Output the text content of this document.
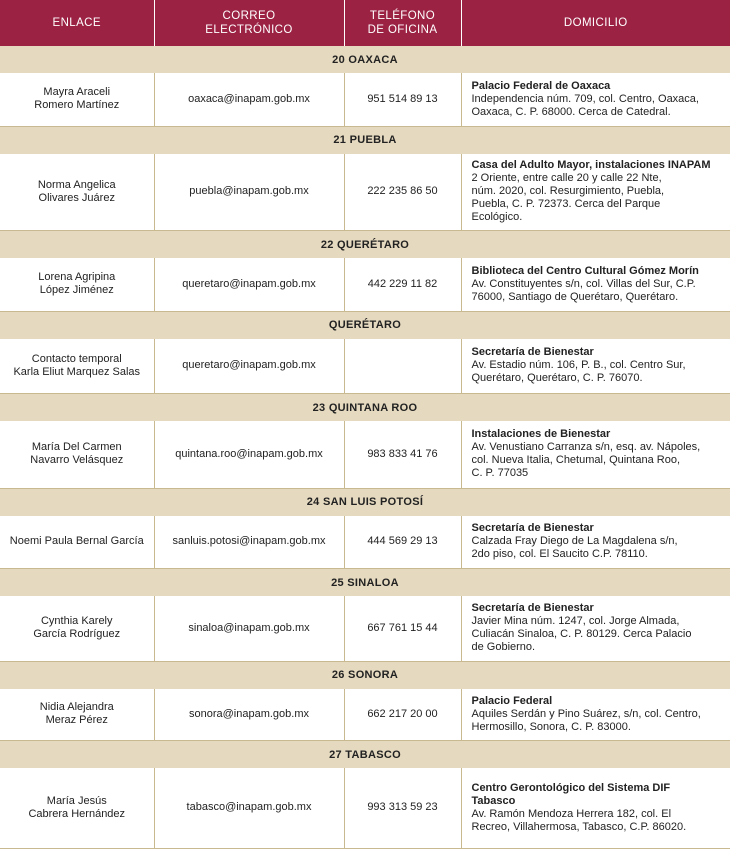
ENLACE	CORREO
ELECTRÓNICO	TELÉFONO
DE OFICINA	DOMICILIO
20 OAXACA			

Mayra Araceli
Romero Martínez	oaxaca@inapam.gob.mx	951 514 89 13	Palacio Federal de Oaxaca
Independencia núm. 709, col. Centro, Oaxaca,
Oaxaca, C. P. 68000. Cerca de Catedral.

21 PUEBLA			

Norma Angelica
Olivares Juárez	puebla@inapam.gob.mx	222 235 86 50	Casa del Adulto Mayor, instalaciones INAPAM
2 Oriente, entre calle 20 y calle 22 Nte,
núm. 2020, col. Resurgimiento, Puebla,
Puebla, C. P. 72373. Cerca del Parque
Ecológico.

22 QUERÉTARO			

Lorena Agripina
López Jiménez	queretaro@inapam.gob.mx	442 229 11 82	Biblioteca del Centro Cultural Gómez Morín
Av. Constituyentes s/n, col. Villas del Sur, C.P.
76000, Santiago de Querétaro, Querétaro.

QUERÉTARO			

Contacto temporal
Karla Eliut Marquez Salas	queretaro@inapam.gob.mx		Secretaría de Bienestar
Av. Estadio núm. 106, P. B., col. Centro Sur,
Querétaro, Querétaro, C. P. 76070.

23 QUINTANA ROO			

María Del Carmen
Navarro Velásquez	quintana.roo@inapam.gob.mx	983 833 41 76	Instalaciones de Bienestar
Av. Venustiano Carranza s/n, esq. av. Nápoles,
col. Nueva Italia, Chetumal, Quintana Roo,
C. P. 77035

24 SAN LUIS POTOSÍ			

Noemi Paula Bernal García	sanluis.potosi@inapam.gob.mx	444 569 29 13	Secretaría de Bienestar
Calzada Fray Diego de La Magdalena s/n,
2do piso, col. El Saucito C.P. 78110.

25 SINALOA			

Cynthia Karely
García Rodríguez	sinaloa@inapam.gob.mx	667 761 15 44	Secretaría de Bienestar
Javier Mina núm. 1247, col. Jorge Almada,
Culiacán Sinaloa, C. P. 80129. Cerca Palacio
de Gobierno.

26 SONORA			

Nidia Alejandra
Meraz Pérez	sonora@inapam.gob.mx	662 217 20 00	Palacio Federal
Aquiles Serdán y Pino Suárez, s/n, col. Centro,
Hermosillo, Sonora, C. P. 83000.

27 TABASCO			

María Jesús
Cabrera Hernández	tabasco@inapam.gob.mx	993 313 59 23	Centro Gerontológico del Sistema DIF
Tabasco
Av. Ramón Mendoza Herrera 182, col. El
Recreo, Villahermosa, Tabasco, C.P. 86020.
